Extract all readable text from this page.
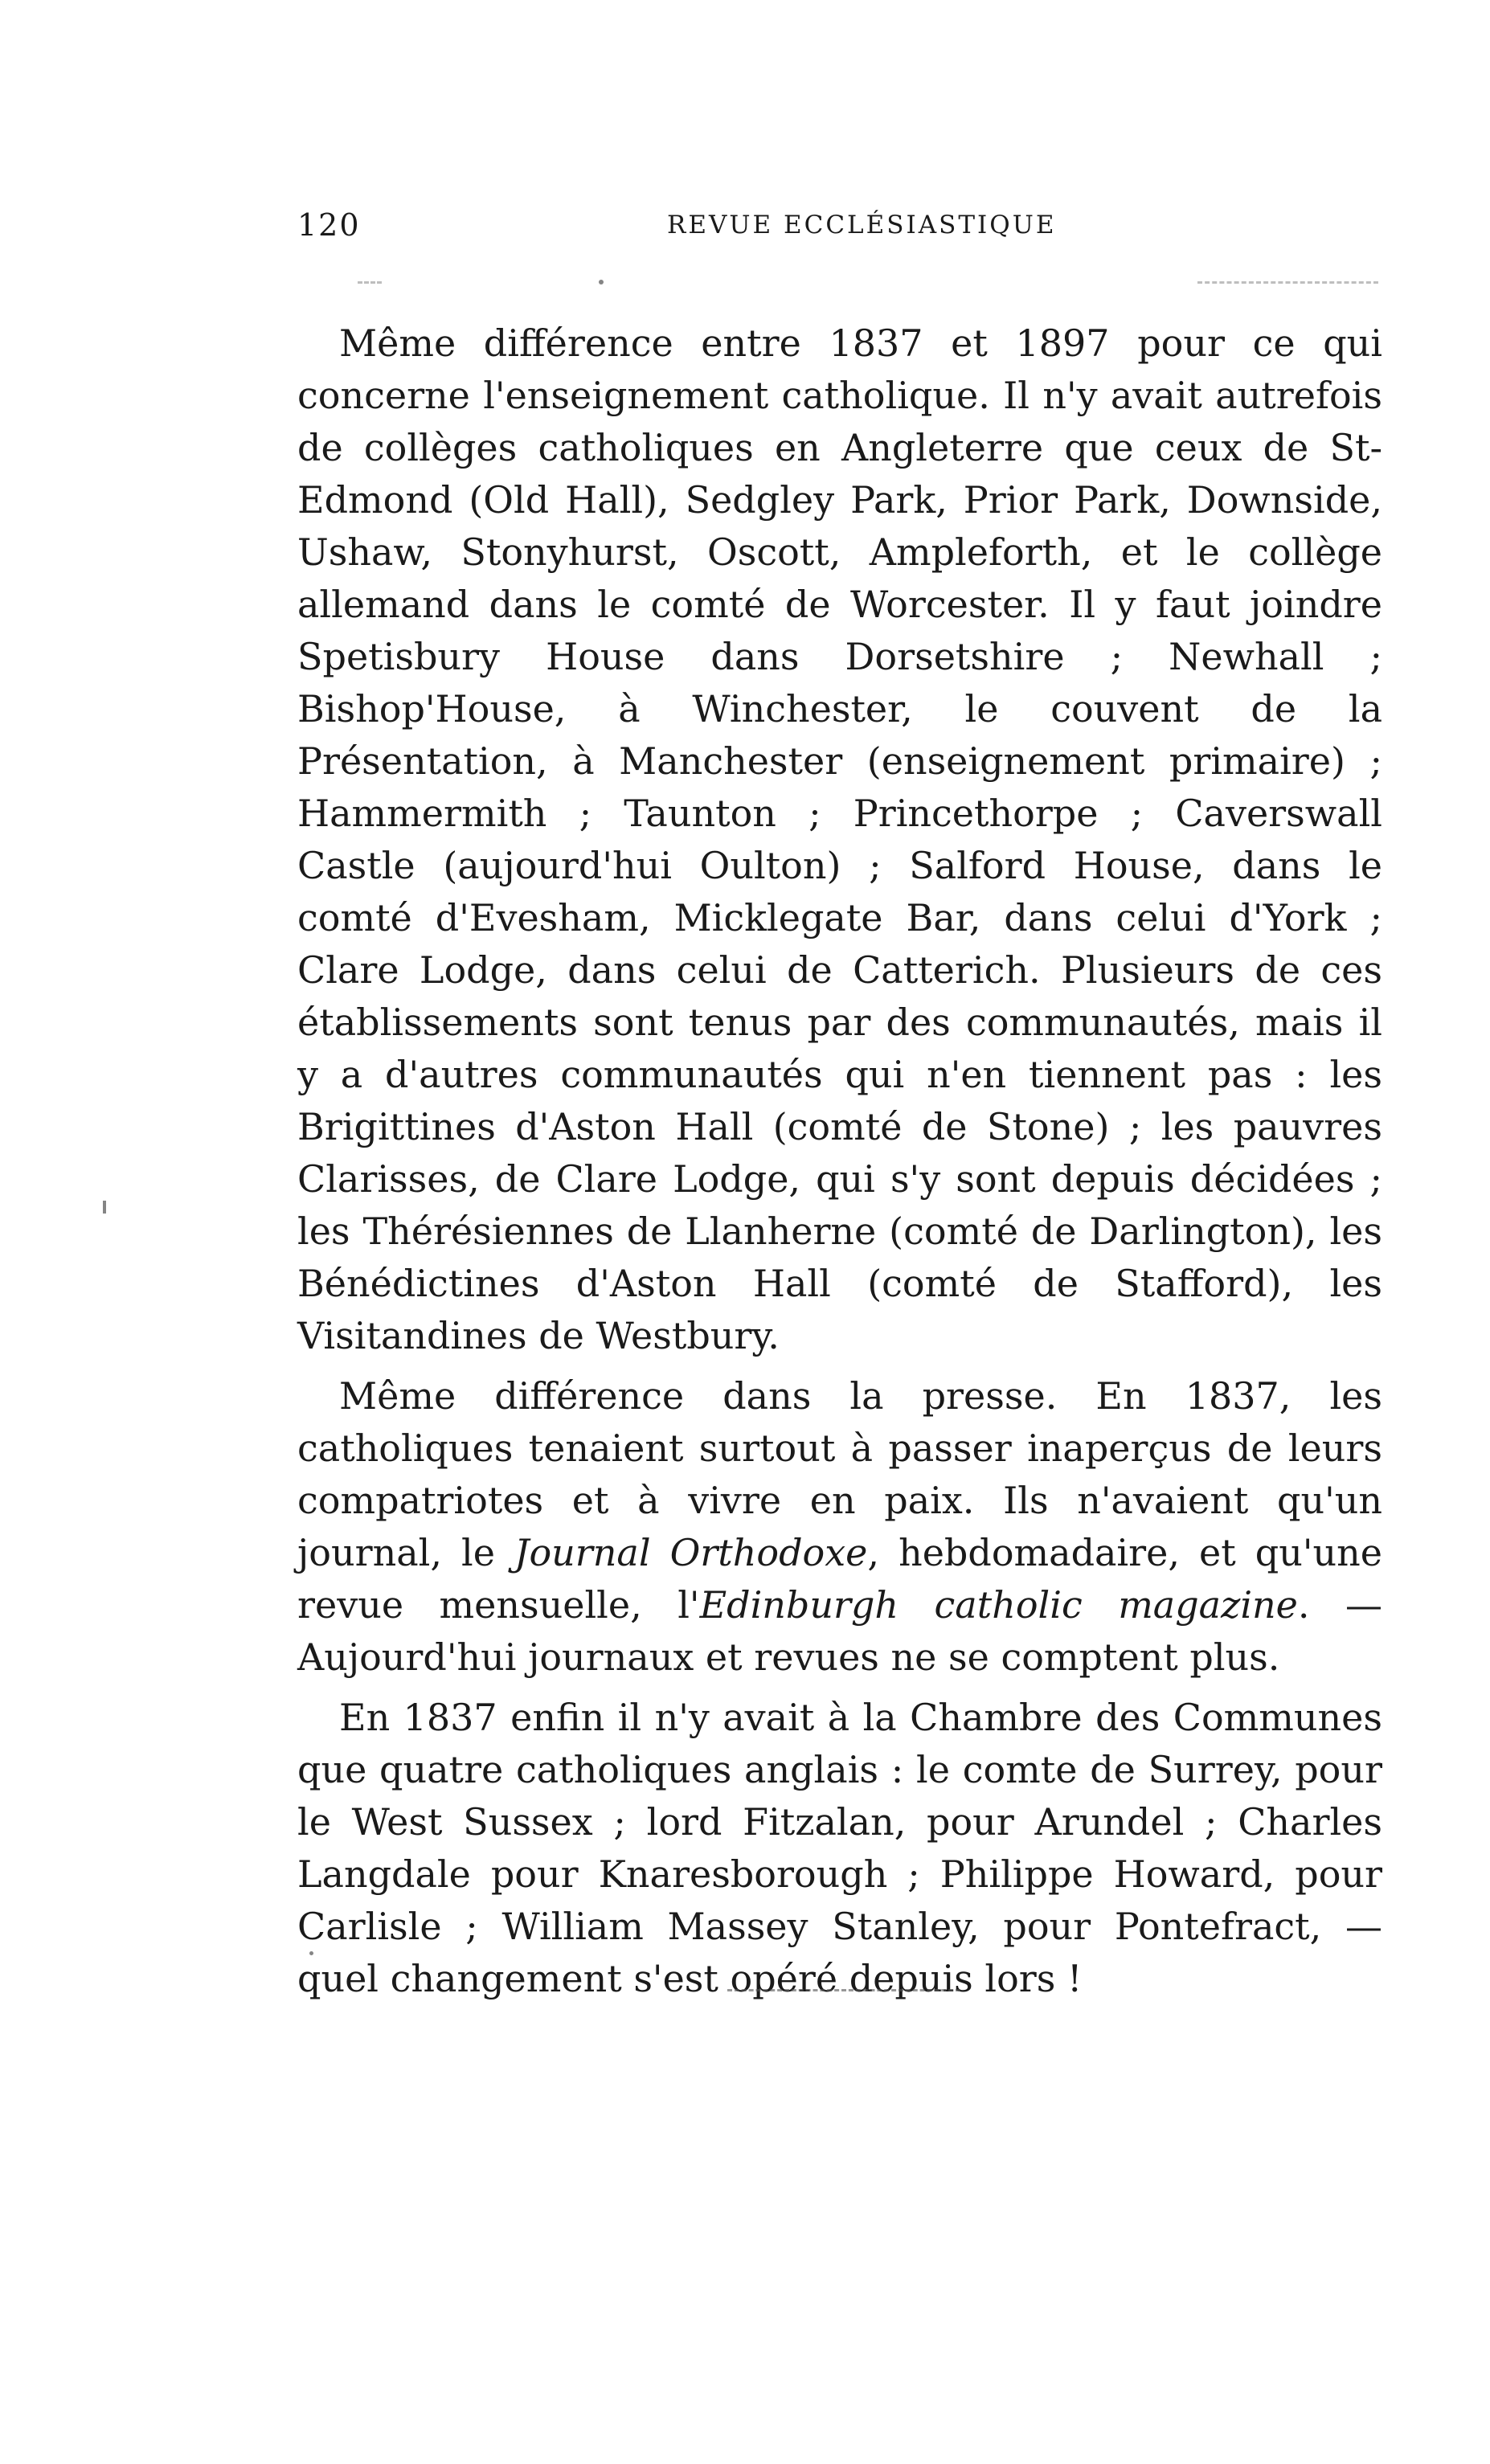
120	REVUE ECCLÉSIASTIQUE

Même différence entre 1837 et 1897 pour ce qui concerne l'enseignement catholique. Il n'y avait autrefois de collèges catholiques en Angleterre que ceux de St-Edmond (Old Hall), Sedgley Park, Prior Park, Downside, Ushaw, Stonyhurst, Oscott, Ampleforth, et le collège allemand dans le comté de Worcester. Il y faut joindre Spetisbury House dans Dorsetshire ; Newhall ; Bishop'House, à Winchester, le couvent de la Présentation, à Manchester (enseignement primaire) ; Hammermith ; Taunton ; Princethorpe ; Caverswall Castle (aujourd'hui Oulton) ; Salford House, dans le comté d'Evesham, Micklegate Bar, dans celui d'York ; Clare Lodge, dans celui de Catterich. Plusieurs de ces établissements sont tenus par des communautés, mais il y a d'autres communautés qui n'en tiennent pas : les Brigittines d'Aston Hall (comté de Stone) ; les pauvres Clarisses, de Clare Lodge, qui s'y sont depuis décidées ; les Thérésiennes de Llanherne (comté de Darlington), les Bénédictines d'Aston Hall (comté de Stafford), les Visitandines de Westbury.

Même différence dans la presse. En 1837, les catholiques tenaient surtout à passer inaperçus de leurs compatriotes et à vivre en paix. Ils n'avaient qu'un journal, le Journal Orthodoxe, hebdomadaire, et qu'une revue mensuelle, l'Edinburgh catholic magazine. — Aujourd'hui journaux et revues ne se comptent plus.

En 1837 enfin il n'y avait à la Chambre des Communes que quatre catholiques anglais : le comte de Surrey, pour le West Sussex ; lord Fitzalan, pour Arundel ; Charles Langdale pour Knaresborough ; Philippe Howard, pour Carlisle ; William Massey Stanley, pour Pontefract, — quel changement s'est opéré depuis lors !
